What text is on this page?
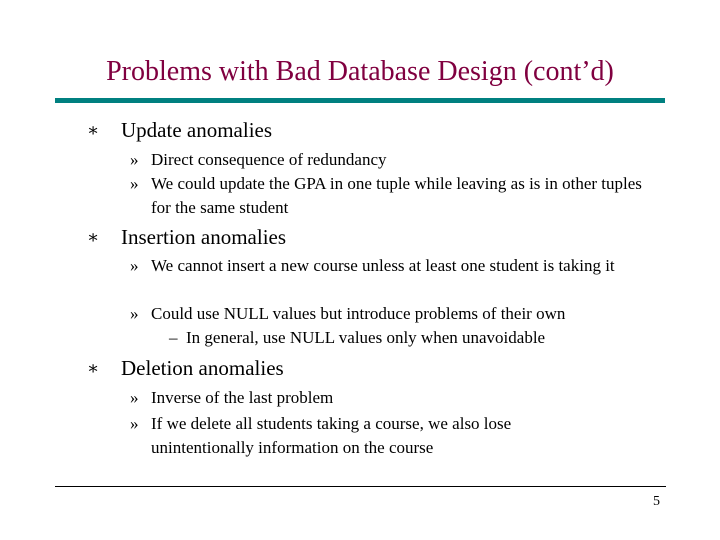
Problems with Bad Database Design (cont’d)
∗ Update anomalies
» Direct consequence of redundancy
» We could update the GPA in one tuple while leaving as is in other tuples for the same student
∗ Insertion anomalies
» We cannot insert a new course unless at least one student is taking it
» Could use NULL values but introduce problems of their own
– In general, use NULL values only when unavoidable
∗ Deletion anomalies
» Inverse of the last problem
» If we delete all students taking a course, we also lose unintentionally information on the course
5
